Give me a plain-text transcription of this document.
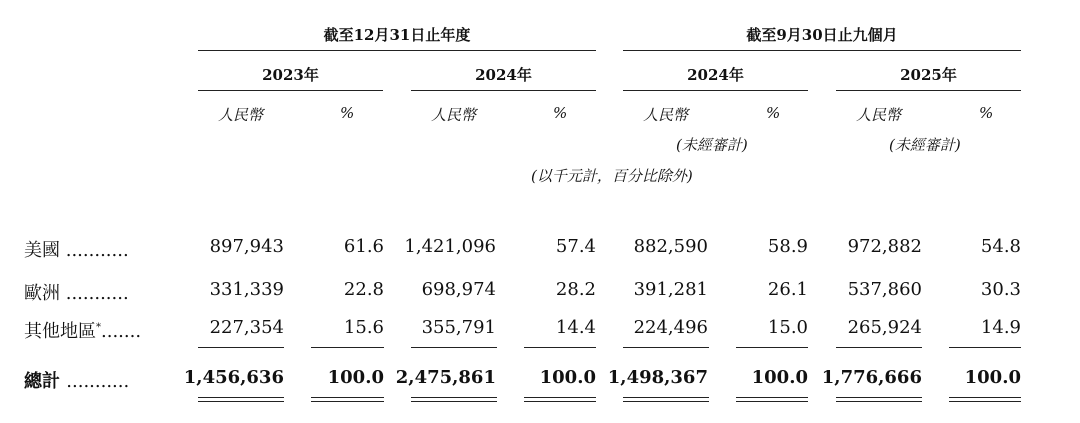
截至12月31日止年度	截至9月30日止九個月
2023年	2024年	2024年	2025年
人民幣	%	人民幣	%	人民幣	%	人民幣	%
(未經審計)	(未經審計)
(以千元計，百分比除外)
美國 ...........	897,943	61.6 1,421,096	57.4 882,590	58.9 972,882	54.8
歐洲 ...........	331,339	22.8 698,974	28.2 391,281	26.1 537,860	30.3
其他地區*.......	227,354	15.6 355,791	14.4 224,496	15.0 265,924	14.9
總計 ...........	1,456,636 100.0 2,475,861 100.0 1,498,367 100.0 1,776,666 100.0
